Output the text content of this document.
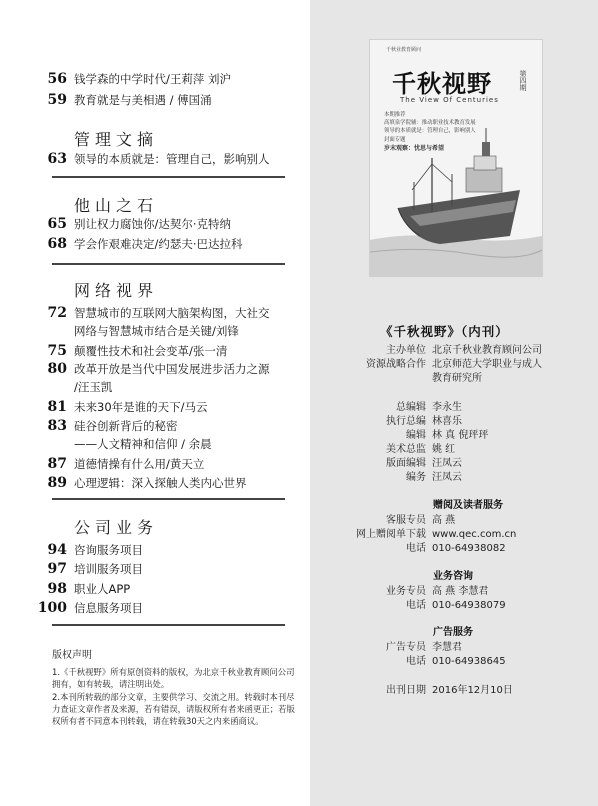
56 钱学森的中学时代/王莉萍 刘沪
59 教育就是与美相遇 / 傅国涌
管理文摘
63 领导的本质就是：管理自己，影响别人
他山之石
65 别让权力腐蚀你/达契尔·克特纳
68 学会作艰难决定/约瑟夫·巴达拉科
网络视界
72 智慧城市的互联网大脑架构图，大社交
网络与智慧城市结合是关键/刘锋
75 颠覆性技术和社会变革/张一清
80 改革开放是当代中国发展进步活力之源
/汪玉凯
81 未来30年是谁的天下/马云
83 硅谷创新背后的秘密
——人文精神和信仰 / 余晨
87 道德情操有什么用/黄天立
89 心理逻辑：深入探触人类内心世界
公司业务
94 咨询服务项目
97 培训服务项目
98 职业人APP
100 信息服务项目
版权声明
1.《千秋视野》所有原创资料的版权，为北京千秋业教育顾问公司拥有，如有转载，请注明出处。
2.本刊所转载的部分文章，主要供学习、交流之用。转载时本刊尽力查证文章作者及来源，若有错误，请版权所有者来函更正；若版权所有者不同意本刊转载，请在转载30天之内来函商议。
千秋业教育顾问
千秋视野	第四期
The View Of Centuries
本期推荐
高填泉学院辅：推动职业技术教育发展
领导的本质就是：管理自己，影响别人
封面专题
岁末观察：忧思与希望
《千秋视野》（内刊）
主办单位 北京千秋业教育顾问公司
资源战略合作 北京师范大学职业与成人
教育研究所
总编辑 李永生
执行总编 林喜乐
编辑 林 真 倪玶玶
美术总监 姚 红
版面编辑 汪凤云
编务 汪凤云
赠阅及读者服务
客服专员 高 燕
网上赠阅单下载 www.qec.com.cn
电话 010-64938082
业务咨询
业务专员 高 燕 李慧君
电话 010-64938079
广告服务
广告专员 李慧君
电话 010-64938645
出刊日期 2016年12月10日
